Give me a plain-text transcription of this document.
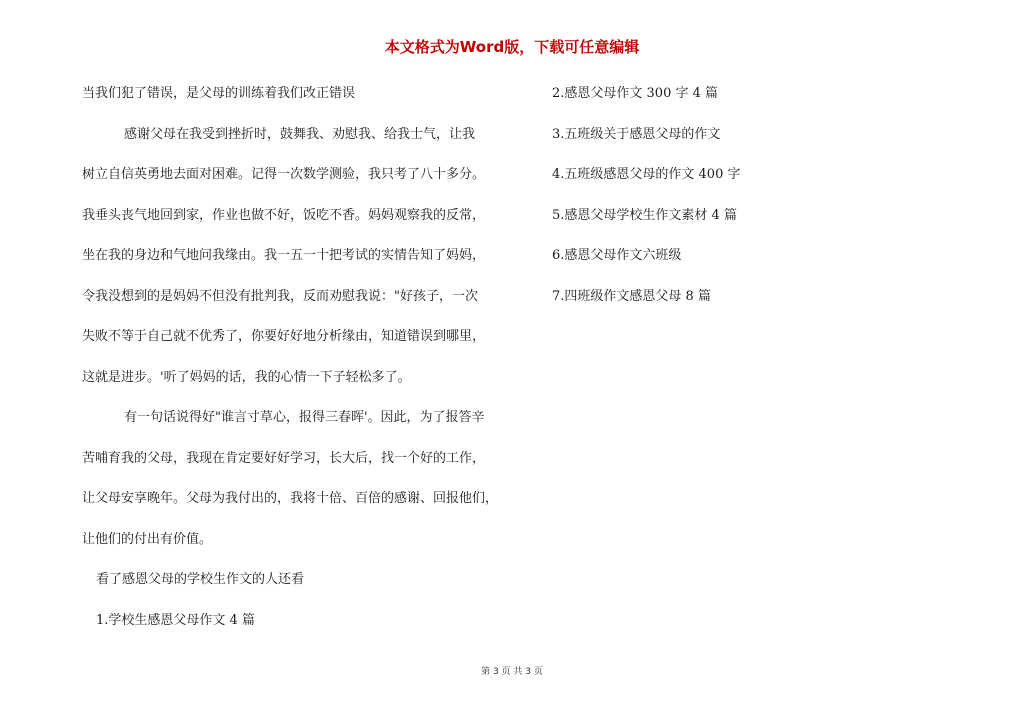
本文格式为Word版，下载可任意编辑
当我们犯了错误，是父母的训练着我们改正错误
感谢父母在我受到挫折时，鼓舞我、劝慰我、给我士气，让我
树立自信英勇地去面对困难。记得一次数学测验，我只考了八十多分。
我垂头丧气地回到家，作业也做不好，饭吃不香。妈妈观察我的反常，
坐在我的身边和气地问我缘由。我一五一十把考试的实情告知了妈妈，
令我没想到的是妈妈不但没有批判我，反而劝慰我说："好孩子，一次
失败不等于自己就不优秀了，你要好好地分析缘由，知道错误到哪里，
这就是进步。'听了妈妈的话，我的心情一下子轻松多了。
有一句话说得好"谁言寸草心，报得三春晖'。因此，为了报答辛
苦哺育我的父母，我现在肯定要好好学习，长大后，找一个好的工作，
让父母安享晚年。父母为我付出的，我将十倍、百倍的感谢、回报他们，
让他们的付出有价值。
看了感恩父母的学校生作文的人还看
1.学校生感恩父母作文 4 篇
2.感恩父母作文 300 字 4 篇
3.五班级关于感恩父母的作文
4.五班级感恩父母的作文 400 字
5.感恩父母学校生作文素材 4 篇
6.感恩父母作文六班级
7.四班级作文感恩父母 8 篇
第 3 页 共 3 页
